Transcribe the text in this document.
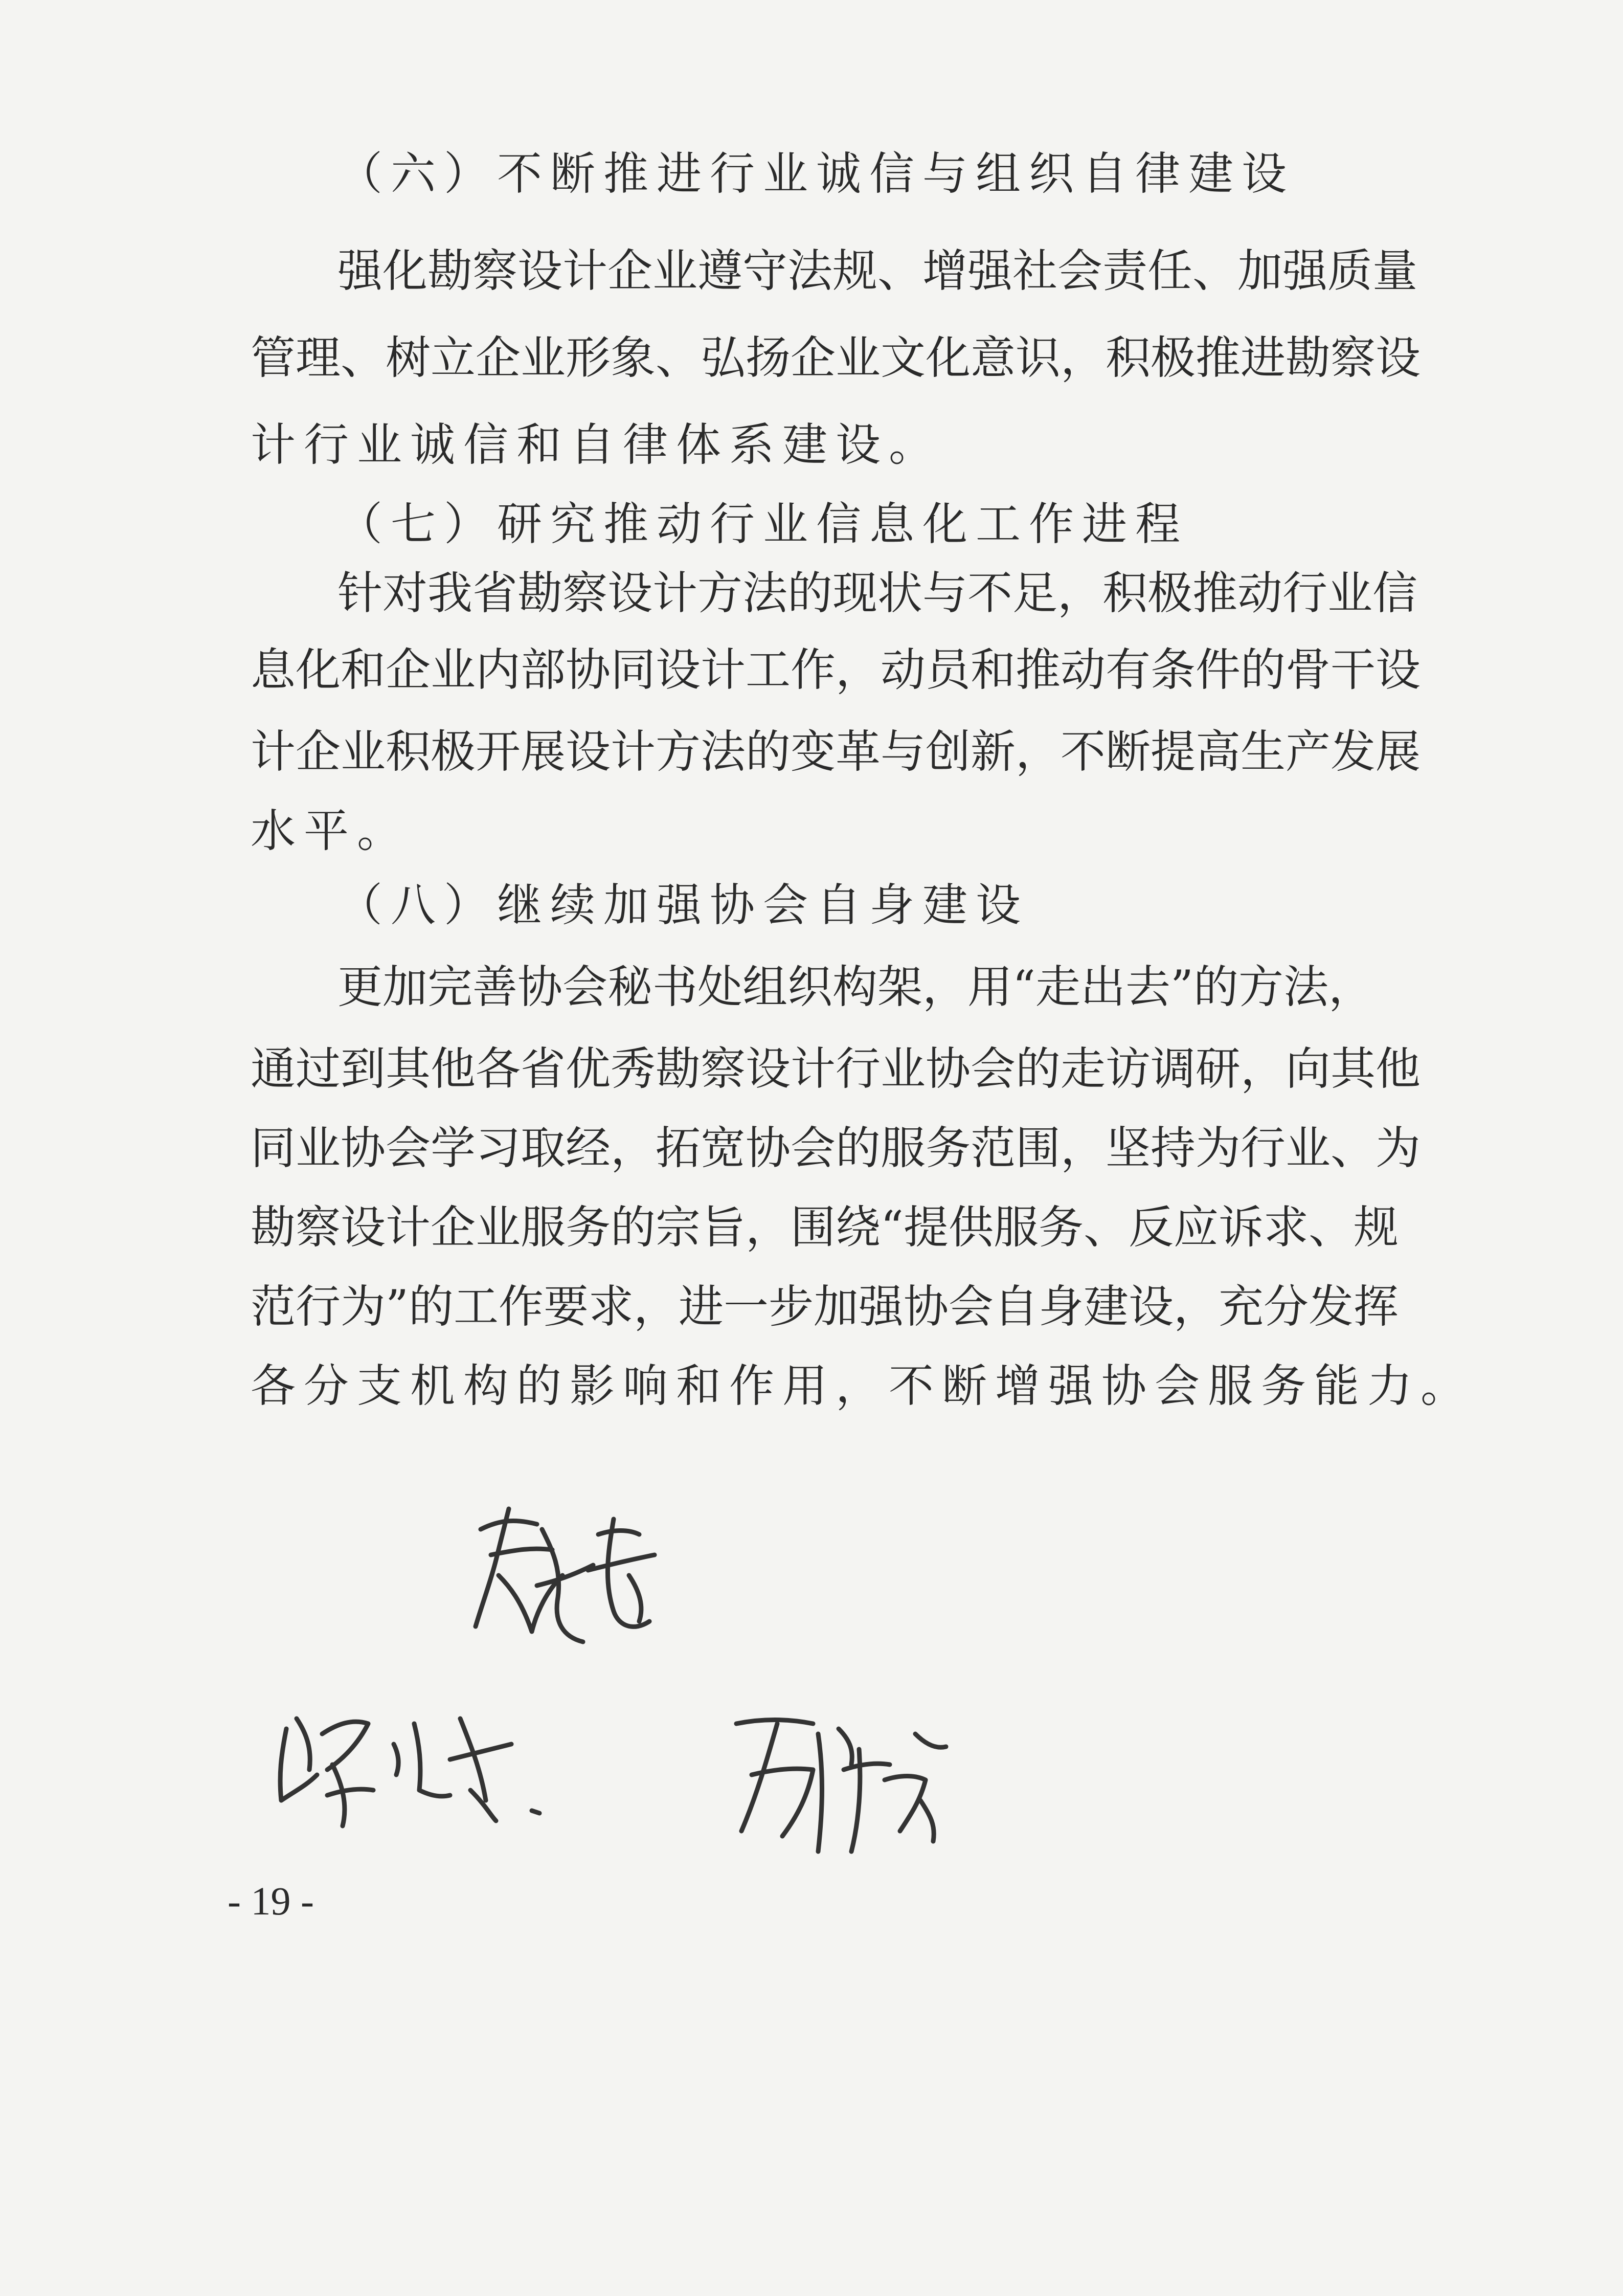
（六）不断推进行业诚信与组织自律建设
强化勘察设计企业遵守法规、增强社会责任、加强质量
管理、树立企业形象、弘扬企业文化意识，积极推进勘察设
计行业诚信和自律体系建设。
（七）研究推动行业信息化工作进程
针对我省勘察设计方法的现状与不足，积极推动行业信
息化和企业内部协同设计工作，动员和推动有条件的骨干设
计企业积极开展设计方法的变革与创新，不断提高生产发展
水平。
（八）继续加强协会自身建设
更加完善协会秘书处组织构架，用“走出去”的方法，
通过到其他各省优秀勘察设计行业协会的走访调研，向其他
同业协会学习取经，拓宽协会的服务范围，坚持为行业、为
勘察设计企业服务的宗旨，围绕“提供服务、反应诉求、规
范行为”的工作要求，进一步加强协会自身建设，充分发挥
各分支机构的影响和作用，不断增强协会服务能力。
- 19 -
